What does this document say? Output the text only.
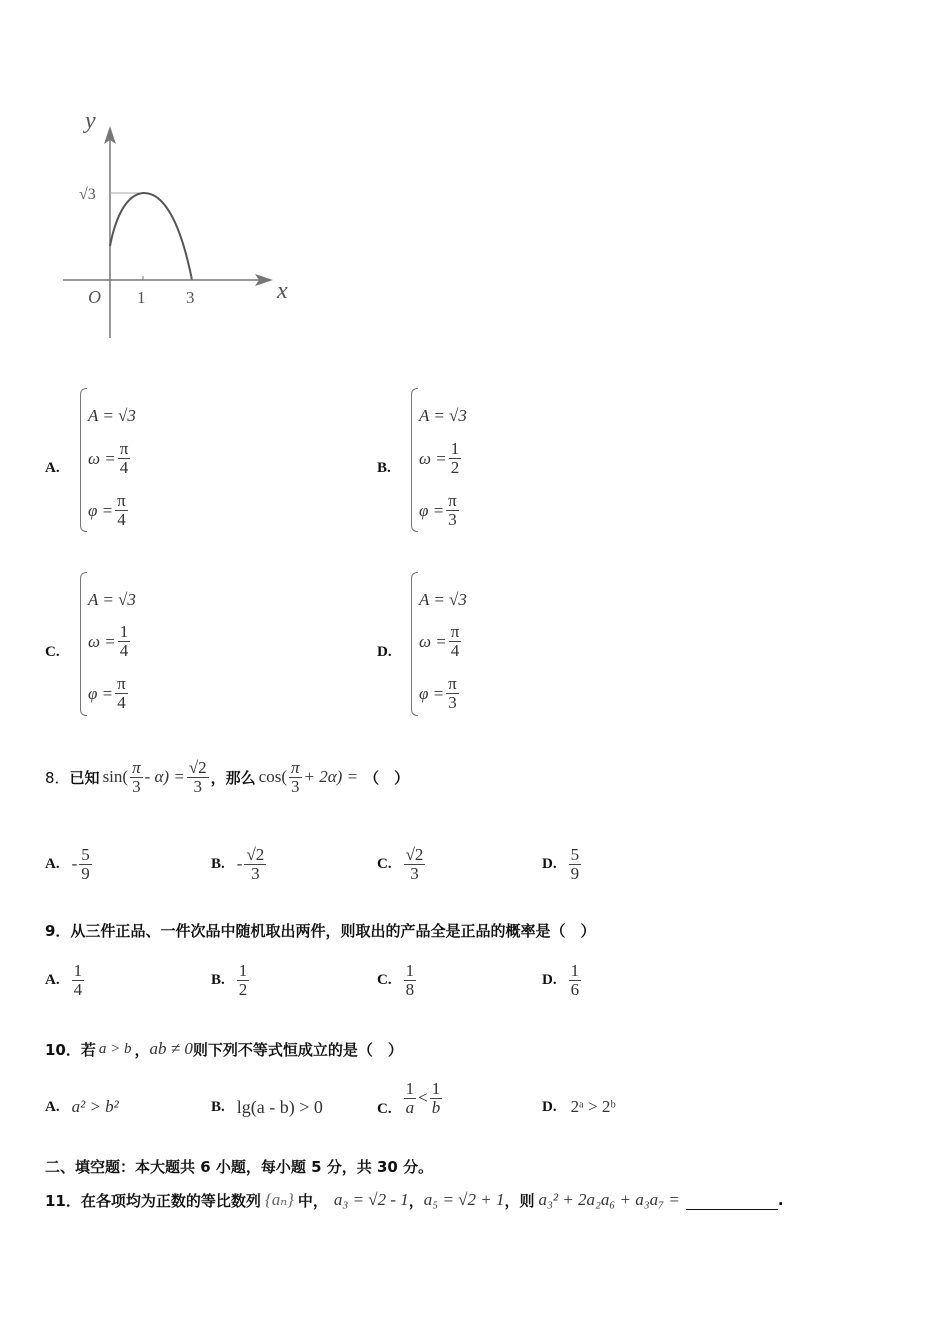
y
x
O
√3
1 3
A.
A = √3
$\omega = \frac{\pi}{4}$
$\varphi = \frac{\pi}{4}$
B.
A = √3
$\omega = \frac{1}{2}$
$\varphi = \frac{\pi}{3}$
C.
A = √3
$\omega = \frac{1}{4}$
$\varphi = \frac{\pi}{4}$
D.
A = √3
$\omega = \frac{\pi}{4}$
$\varphi = \frac{\pi}{3}$
8． 已知 $\sin( \frac{\pi}{3} - \alpha) = \frac{√2}{3}$ ，那么 $\cos( \frac{\pi}{3} + 2\alpha)$ = （　）
A. - $\frac{5}{9}$	B. - $\frac{√2}{3}$	C. $\frac{√2}{3}$	D. $\frac{5}{9}$
9．从三件正品、一件次品中随机取出两件，则取出的产品全是正品的概率是（　）
A. $\frac{1}{4}$	B. $\frac{1}{2}$	C. $\frac{1}{8}$	D. $\frac{1}{6}$
10．若 a > b ， ab ≠ 0 则下列不等式恒成立的是（　）
A. a² > b²	B. lg(a - b) > 0	C. $\frac{1}{a} < \frac{1}{b}$	D. 2ᵃ > 2ᵇ
二、填空题：本大题共 6 小题，每小题 5 分，共 30 分。
11．在各项均为正数的等比数列 {aₙ} 中， a₃ = √2 - 1 ， a₅ = √2 + 1 ，则 a₃² + 2a₂a₆ + a₃a₇ =	.
